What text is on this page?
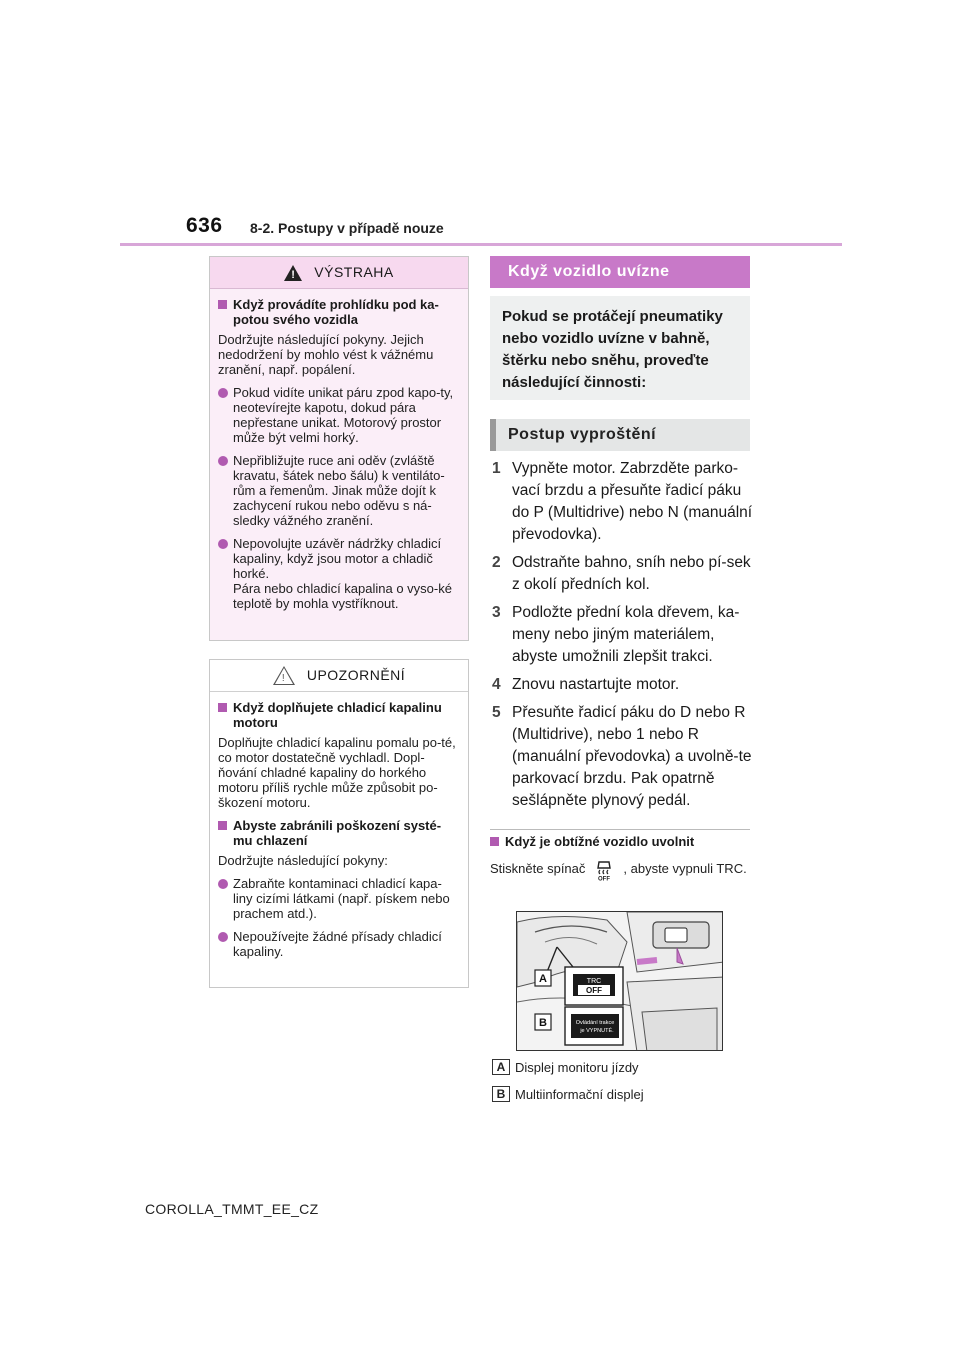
636 8-2. Postupy v případě nouze
!
VÝSTRAHA
Když provádíte prohlídku pod ka-potou svého vozidla
Dodržujte následující pokyny. Jejich nedodržení by mohlo vést k vážnému zranění, např. popálení.
Pokud vidíte unikat páru zpod kapo-ty, neotevírejte kapotu, dokud pára nepřestane unikat. Motorový prostor může být velmi horký.
Nepřibližujte ruce ani oděv (zvláště kravatu, šátek nebo šálu) k ventiláto-rům a řemenům. Jinak může dojít k zachycení rukou nebo oděvu s ná-sledky vážného zranění.
Nepovolujte uzávěr nádržky chladicí kapaliny, když jsou motor a chladič horké.
Pára nebo chladicí kapalina o vyso-ké teplotě by mohla vystříknout.
!
UPOZORNĚNÍ
Když doplňujete chladicí kapalinu motoru
Doplňujte chladicí kapalinu pomalu po-té, co motor dostatečně vychladl. Dopl-ňování chladné kapaliny do horkého motoru příliš rychle může způsobit po-škození motoru.
Abyste zabránili poškození systé-mu chlazení
Dodržujte následující pokyny:
Zabraňte kontaminaci chladicí kapa-liny cizími látkami (např. pískem nebo prachem atd.).
Nepoužívejte žádné přísady chladicí kapaliny.
Když vozidlo uvízne
Pokud se protáčejí pneumatiky nebo vozidlo uvízne v bahně, štěrku nebo sněhu, proveďte následující činnosti:
Postup vyproštění
1 Vypněte motor. Zabrzděte parko-vací brzdu a přesuňte řadicí páku do P (Multidrive) nebo N (manuální převodovka).
2 Odstraňte bahno, sníh nebo pí-sek z okolí předních kol.
3 Podložte přední kola dřevem, ka-meny nebo jiným materiálem, abyste umožnili zlepšit trakci.
4 Znovu nastartujte motor.
5 Přesuňte řadicí páku do D nebo R (Multidrive), nebo 1 nebo R (manuální převodovka) a uvolně-te parkovací brzdu. Pak opatrně sešlápněte plynový pedál.
Když je obtížné vozidlo uvolnit
Stiskněte spínač
OFF
, abyste vypnuli TRC.
TRC
OFF
Ovládání trakce
je VYPNUTÉ.
A
B
A Displej monitoru jízdy
B Multiinformační displej
COROLLA_TMMT_EE_CZ
